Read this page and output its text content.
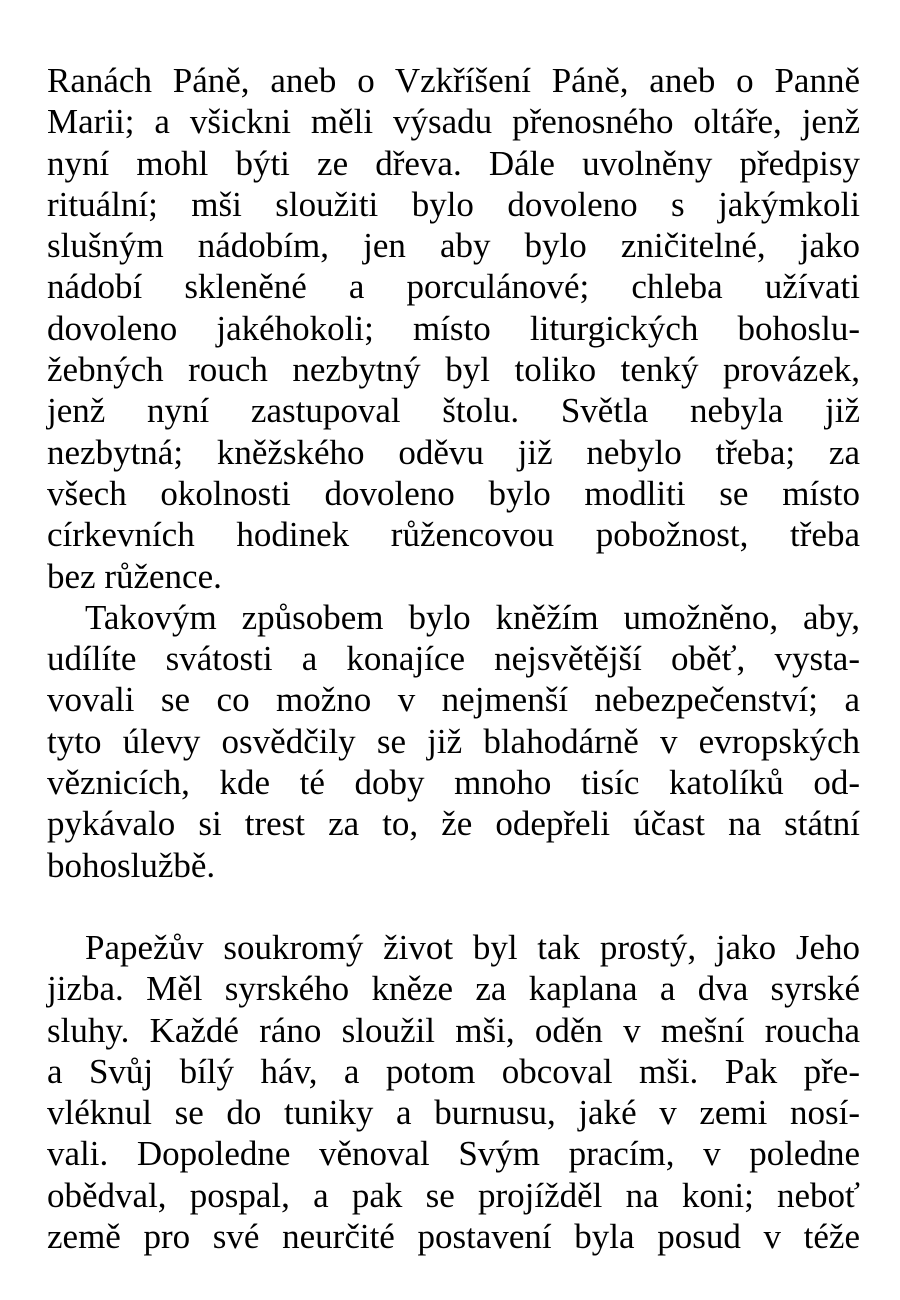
Ranách Páně, aneb o Vzkříšení Páně, aneb o Panně
Marii; a všickni měli výsadu přenosného oltáře, jenž
nyní mohl býti ze dřeva. Dále uvolněny předpisy
rituální; mši sloužiti bylo dovoleno s jakýmkoli
slušným nádobím, jen aby bylo zničitelné, jako
nádobí skleněné a porculánové; chleba užívati
dovoleno jakéhokoli; místo liturgických bohoslu-
žebných rouch nezbytný byl toliko tenký provázek,
jenž nyní zastupoval štolu. Světla nebyla již
nezbytná; kněžského oděvu již nebylo třeba; za
všech okolnosti dovoleno bylo modliti se místo
církevních hodinek růžencovou pobožnost, třeba
bez růžence.
Takovým způsobem bylo kněžím umožněno, aby,
udílíte svátosti a konajíce nejsvětější oběť, vysta-
vovali se co možno v nejmenší nebezpečenství; a
tyto úlevy osvědčily se již blahodárně v evropských
věznicích, kde té doby mnoho tisíc katolíků od-
pykávalo si trest za to, že odepřeli účast na státní
bohoslužbě.
Papežův soukromý život byl tak prostý, jako Jeho
jizba. Měl syrského kněze za kaplana a dva syrské
sluhy. Každé ráno sloužil mši, oděn v mešní roucha
a Svůj bílý háv, a potom obcoval mši. Pak pře-
vléknul se do tuniky a burnusu, jaké v zemi nosí-
vali. Dopoledne věnoval Svým pracím, v poledne
obědval, pospal, a pak se projížděl na koni; neboť
země pro své neurčité postavení byla posud v téže
